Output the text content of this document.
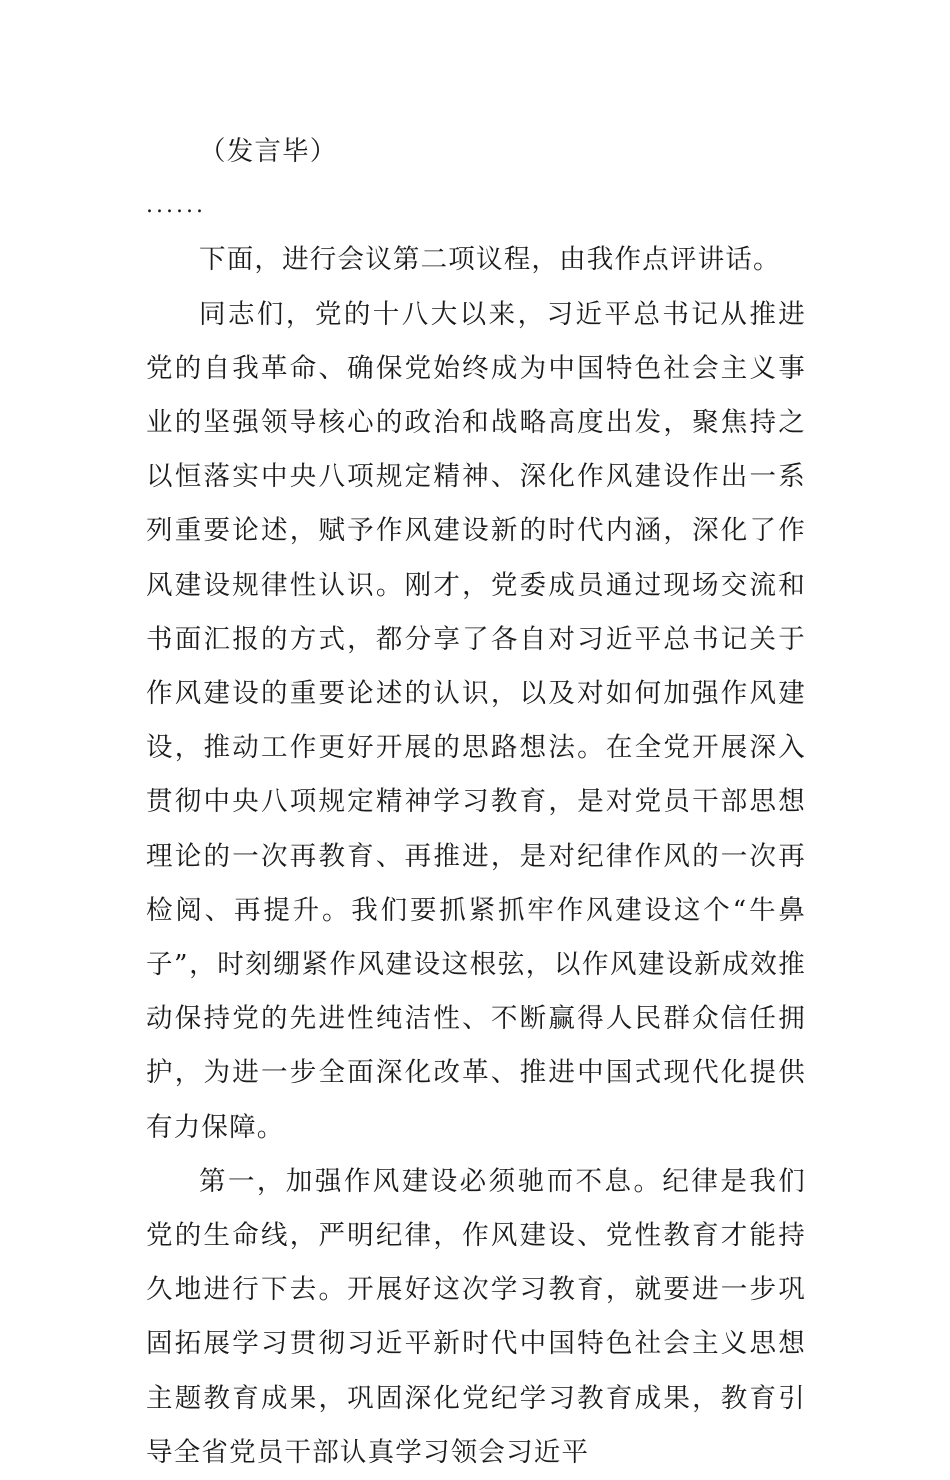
（发言毕）

......

下面，进行会议第二项议程，由我作点评讲话。

同志们，党的十八大以来，习近平总书记从推进党的自我革命、确保党始终成为中国特色社会主义事业的坚强领导核心的政治和战略高度出发，聚焦持之以恒落实中央八项规定精神、深化作风建设作出一系列重要论述，赋予作风建设新的时代内涵，深化了作风建设规律性认识。刚才，党委成员通过现场交流和书面汇报的方式，都分享了各自对习近平总书记关于作风建设的重要论述的认识，以及对如何加强作风建设，推动工作更好开展的思路想法。在全党开展深入贯彻中央八项规定精神学习教育，是对党员干部思想理论的一次再教育、再推进，是对纪律作风的一次再检阅、再提升。我们要抓紧抓牢作风建设这个“牛鼻子”，时刻绷紧作风建设这根弦，以作风建设新成效推动保持党的先进性纯洁性、不断赢得人民群众信任拥护，为进一步全面深化改革、推进中国式现代化提供有力保障。

第一，加强作风建设必须驰而不息。纪律是我们党的生命线，严明纪律，作风建设、党性教育才能持久地进行下去。开展好这次学习教育，就要进一步巩固拓展学习贯彻习近平新时代中国特色社会主义思想主题教育成果，巩固深化党纪学习教育成果，教育引导全省党员干部认真学习领会习近平
